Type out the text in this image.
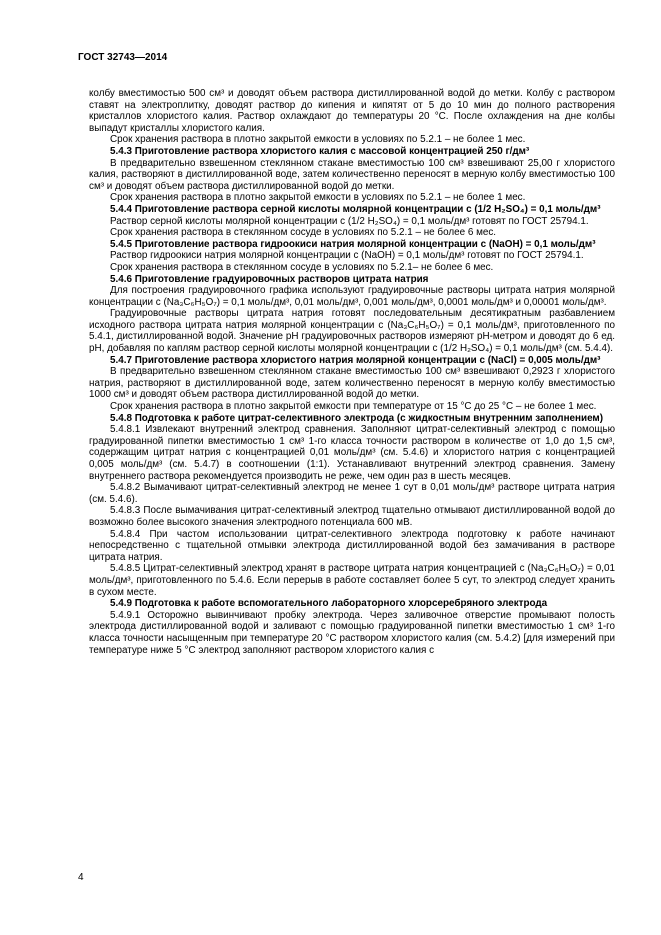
ГОСТ 32743—2014

колбу вместимостью 500 см³ и доводят объем раствора дистиллированной водой до метки. Колбу с раствором ставят на электроплитку, доводят раствор до кипения и кипятят от 5 до 10 мин до полного растворения кристаллов хлористого калия. Раствор охлаждают до температуры 20 °С. После охлаждения на дне колбы выпадут кристаллы хлористого калия.

Срок хранения раствора в плотно закрытой емкости в условиях по 5.2.1 – не более 1 мес.

5.4.3 Приготовление раствора хлористого калия с массовой концентрацией 250 г/дм³

В предварительно взвешенном стеклянном стакане вместимостью 100 см³ взвешивают 25,00 г хлористого калия, растворяют в дистиллированной воде, затем количественно переносят в мерную колбу вместимостью 100 см³ и доводят объем раствора дистиллированной водой до метки.

Срок хранения раствора в плотно закрытой емкости в условиях по 5.2.1 – не более 1 мес.

5.4.4 Приготовление раствора серной кислоты молярной концентрации с (1/2 H₂SO₄) = 0,1 моль/дм³

Раствор серной кислоты молярной концентрации с (1/2 H₂SO₄) = 0,1 моль/дм³ готовят по ГОСТ 25794.1.

Срок хранения раствора в стеклянном сосуде в условиях по 5.2.1 – не более 6 мес.

5.4.5 Приготовление раствора гидроокиси натрия молярной концентрации с (NaOH) = 0,1 моль/дм³

Раствор гидроокиси натрия молярной концентрации с (NaOH) = 0,1 моль/дм³ готовят по ГОСТ 25794.1.

Срок хранения раствора в стеклянном сосуде в условиях по 5.2.1– не более 6 мес.

5.4.6 Приготовление градуировочных растворов цитрата натрия

Для построения градуировочного графика используют градуировочные растворы цитрата натрия молярной концентрации с (Na₃C₆H₅O₇) = 0,1 моль/дм³, 0,01 моль/дм³, 0,001 моль/дм³, 0,0001 моль/дм³ и 0,00001 моль/дм³.

Градуировочные растворы цитрата натрия готовят последовательным десятикратным разбавлением исходного раствора цитрата натрия молярной концентрации с (Na₃C₆H₅O₇) = 0,1 моль/дм³, приготовленного по 5.4.1, дистиллированной водой. Значение рН градуировочных растворов измеряют рН-метром и доводят до 6 ед. рН, добавляя по каплям раствор серной кислоты молярной концентрации с (1/2 H₂SO₄) = 0,1 моль/дм³ (см. 5.4.4).

5.4.7 Приготовление раствора хлористого натрия молярной концентрации с (NaCl) = 0,005 моль/дм³

В предварительно взвешенном стеклянном стакане вместимостью 100 см³ взвешивают 0,2923 г хлористого натрия, растворяют в дистиллированной воде, затем количественно переносят в мерную колбу вместимостью 1000 см³ и доводят объем раствора дистиллированной водой до метки.

Срок хранения раствора в плотно закрытой емкости при температуре от 15 °С до 25 °С – не более 1 мес.

5.4.8 Подготовка к работе цитрат-селективного электрода (с жидкостным внутренним заполнением)

5.4.8.1 Извлекают внутренний электрод сравнения. Заполняют цитрат-селективный электрод с помощью градуированной пипетки вместимостью 1 см³ 1-го класса точности раствором в количестве от 1,0 до 1,5 см³, содержащим цитрат натрия с концентрацией 0,01 моль/дм³ (см. 5.4.6) и хлористого натрия с концентрацией 0,005 моль/дм³ (см. 5.4.7) в соотношении (1:1). Устанавливают внутренний электрод сравнения. Замену внутреннего раствора рекомендуется производить не реже, чем один раз в шесть месяцев.

5.4.8.2 Вымачивают цитрат-селективный электрод не менее 1 сут в 0,01 моль/дм³ растворе цитрата натрия (см. 5.4.6).

5.4.8.3 После вымачивания цитрат-селективный электрод тщательно отмывают дистиллированной водой до возможно более высокого значения электродного потенциала 600 мВ.

5.4.8.4 При частом использовании цитрат-селективного электрода подготовку к работе начинают непосредственно с тщательной отмывки электрода дистиллированной водой без замачивания в растворе цитрата натрия.

5.4.8.5 Цитрат-селективный электрод хранят в растворе цитрата натрия концентрацией с (Na₃C₆H₅O₇) = 0,01 моль/дм³, приготовленного по 5.4.6. Если перерыв в работе составляет более 5 сут, то электрод следует хранить в сухом месте.

5.4.9 Подготовка к работе вспомогательного лабораторного хлорсеребряного электрода

5.4.9.1 Осторожно вывинчивают пробку электрода. Через заливочное отверстие промывают полость электрода дистиллированной водой и заливают с помощью градуированной пипетки вместимостью 1 см³ 1-го класса точности насыщенным при температуре 20 °С раствором хлористого калия (см. 5.4.2) [для измерений при температуре ниже 5 °С электрод заполняют раствором хлористого калия с

4
